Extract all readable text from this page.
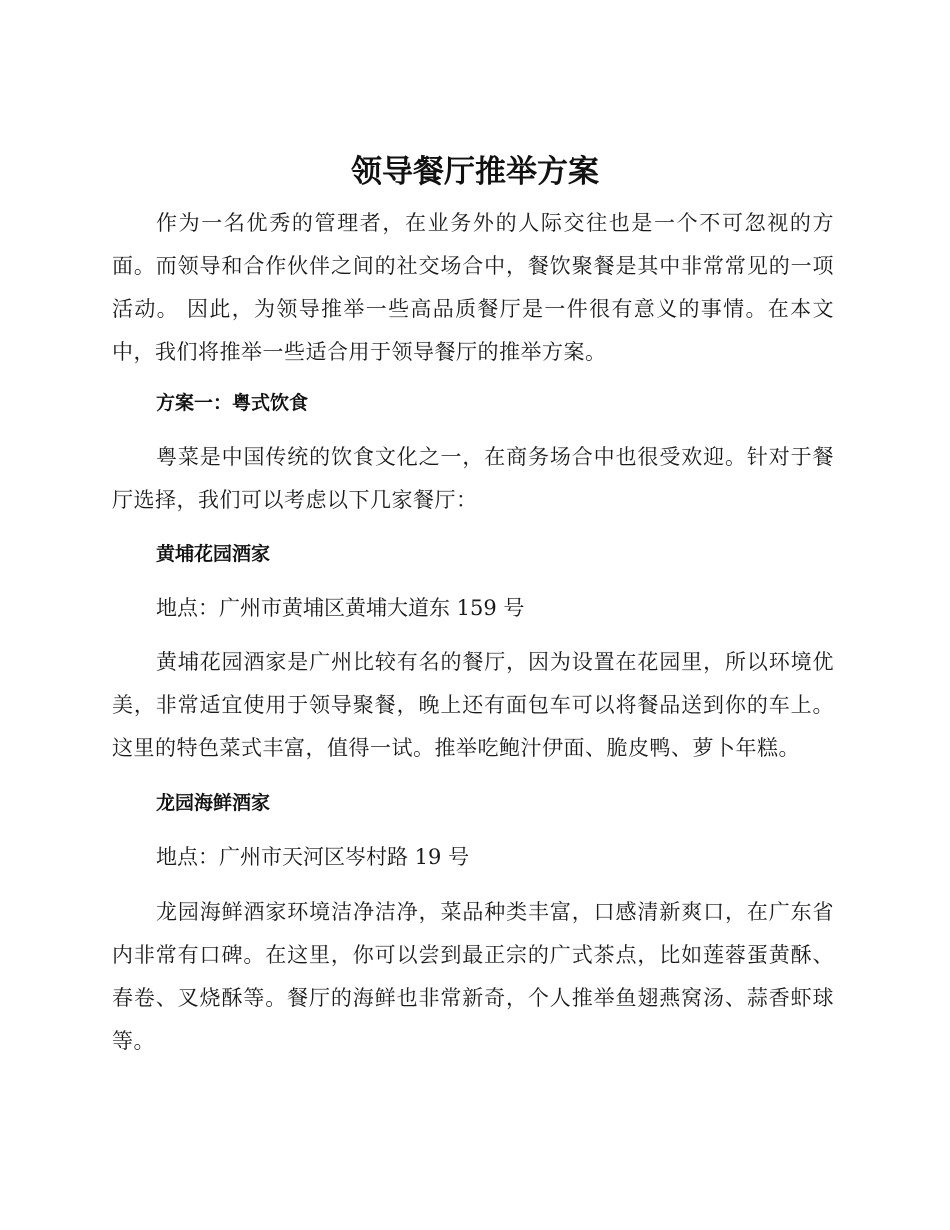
领导餐厅推举方案

作为一名优秀的管理者，在业务外的人际交往也是一个不可忽视的方面。而领导和合作伙伴之间的社交场合中，餐饮聚餐是其中非常常见的一项活动。 因此，为领导推举一些高品质餐厅是一件很有意义的事情。在本文中，我们将推举一些适合用于领导餐厅的推举方案。

方案一：粤式饮食

粤菜是中国传统的饮食文化之一，在商务场合中也很受欢迎。针对于餐厅选择，我们可以考虑以下几家餐厅：

黄埔花园酒家

地点：广州市黄埔区黄埔大道东 159 号

黄埔花园酒家是广州比较有名的餐厅，因为设置在花园里，所以环境优美，非常适宜使用于领导聚餐，晚上还有面包车可以将餐品送到你的车上。这里的特色菜式丰富，值得一试。推举吃鲍汁伊面、脆皮鸭、萝卜年糕。

龙园海鲜酒家

地点：广州市天河区岑村路 19 号

龙园海鲜酒家环境洁净洁净，菜品种类丰富，口感清新爽口，在广东省内非常有口碑。在这里，你可以尝到最正宗的广式茶点，比如莲蓉蛋黄酥、春卷、叉烧酥等。餐厅的海鲜也非常新奇，个人推举鱼翅燕窝汤、蒜香虾球等。
